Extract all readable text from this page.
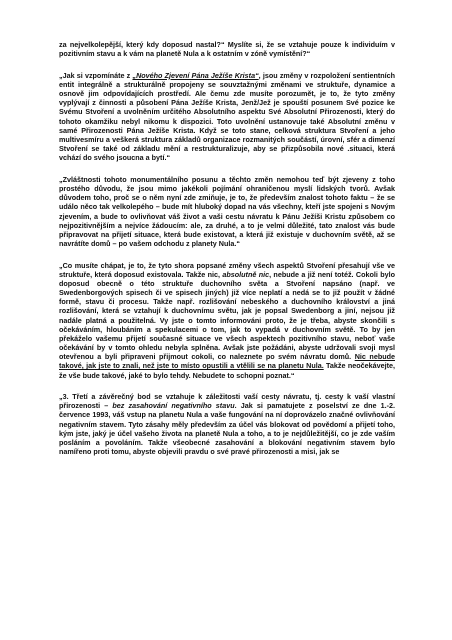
za nejvelkolepější, který kdy doposud nastal?“ Myslíte si, že se vztahuje pouze k individuím v pozitivním stavu a k vám na planetě Nula a k ostatním v zóně vymístění?“

„Jak si vzpomínáte z „Nového Zjevení Pána Ježíše Krista“, jsou změny v rozpoložení sentientních entit integrálně a strukturálně propojeny se souvztažnými změnami ve struktuře, dynamice a osnově jim odpovídajících prostředí. Ale čemu zde musíte porozumět, je to, že tyto změny vyplývají z činnosti a působení Pána Ježíše Krista, Jenž/Jež je spouští posunem Své pozice ke Svému Stvoření a uvolněním určitého Absolutního aspektu Své Absolutní Přirozenosti, který do tohoto okamžiku nebyl nikomu k dispozici. Toto uvolnění ustanovuje také Absolutní změnu v samé Přirozenosti Pána Ježíše Krista. Když se toto stane, celková struktura Stvoření a jeho multivesmíru a veškerá struktura základů organizace rozmanitých součástí, úrovní, sfér a dimenzí Stvoření se také od základu mění a restrukturalizuje, aby se přizpůsobila nové .situaci, která vchází do svého jsoucna a bytí.“

„Zvláštnosti tohoto monumentálního posunu a těchto změn nemohou teď být zjeveny z toho prostého důvodu, že jsou mimo jakékoli pojímání ohraničenou myslí lidských tvorů. Avšak důvodem toho, proč se o něm nyní zde zmiňuje, je to, že především znalost tohoto faktu – že se událo něco tak velkolepého – bude mít hluboký dopad na vás všechny, kteří jste spojeni s Novým zjevením, a bude to ovlivňovat váš život a vaši cestu návratu k Pánu Ježíši Kristu způsobem co nejpozitivnějším a nejvíce žádoucím: ale, za druhé, a to je velmi důležité, tato znalost vás bude připravovat na přijetí situace, která bude existovat, a která již existuje v duchovním světě, až se navrátíte domů – po vašem odchodu z planety Nula.“

„Co musíte chápat, je to, že tyto shora popsané změny všech aspektů Stvoření přesahují vše ve struktuře, která doposud existovala. Takže nic, absolutně nic, nebude a již není totéž. Cokoli bylo doposud obecně o této struktuře duchovního světa a Stvoření napsáno (např. ve Swedenborgových spisech či ve spisech jiných) již více neplatí a nedá se to již použít v žádné formě, stavu či procesu. Takže např. rozlišování nebeského a duchovního království a jiná rozlišování, která se vztahují k duchovnímu světu, jak je popsal Swedenborg a jiní, nejsou již nadále platná a použitelná. Vy jste o tomto informováni proto, že je třeba, abyste skončili s očekáváním, hloubáním a spekulacemi o tom, jak to vypadá v duchovním světě. To by jen překáželo vašemu přijetí současné situace ve všech aspektech pozitivního stavu, neboť vaše očekávání by v tomto ohledu nebyla splněna. Avšak jste požádáni, abyste udržovali svoji mysl otevřenou a byli připraveni přijmout cokoli, co naleznete po svém návratu domů. Nic nebude takové, jak jste to znali, než jste to místo opustili a vtělili se na planetu Nula. Takže neočekávejte, že vše bude takové, jaké to bylo tehdy. Nebudete to schopni poznat.“

„3. Třetí a závěrečný bod se vztahuje k záležitosti vaší cesty návratu, tj. cesty k vaší vlastní přirozenosti – bez zasahování negativního stavu. Jak si pamatujete z poselství ze dne 1.-2. července 1993, váš vstup na planetu Nula a vaše fungování na ní doprovázelo značné ovlivňování negativním stavem. Tyto zásahy měly především za účel vás blokovat od povědomí a přijetí toho, kým jste, jaký je účel vašeho života na planetě Nula a toho, a to je nejdůležitější, co je zde vaším posláním a povoláním. Takže všeobecné zasahování a blokování negativním stavem bylo namířeno proti tomu, abyste objevili pravdu o své pravé přirozenosti a misi, jak se
